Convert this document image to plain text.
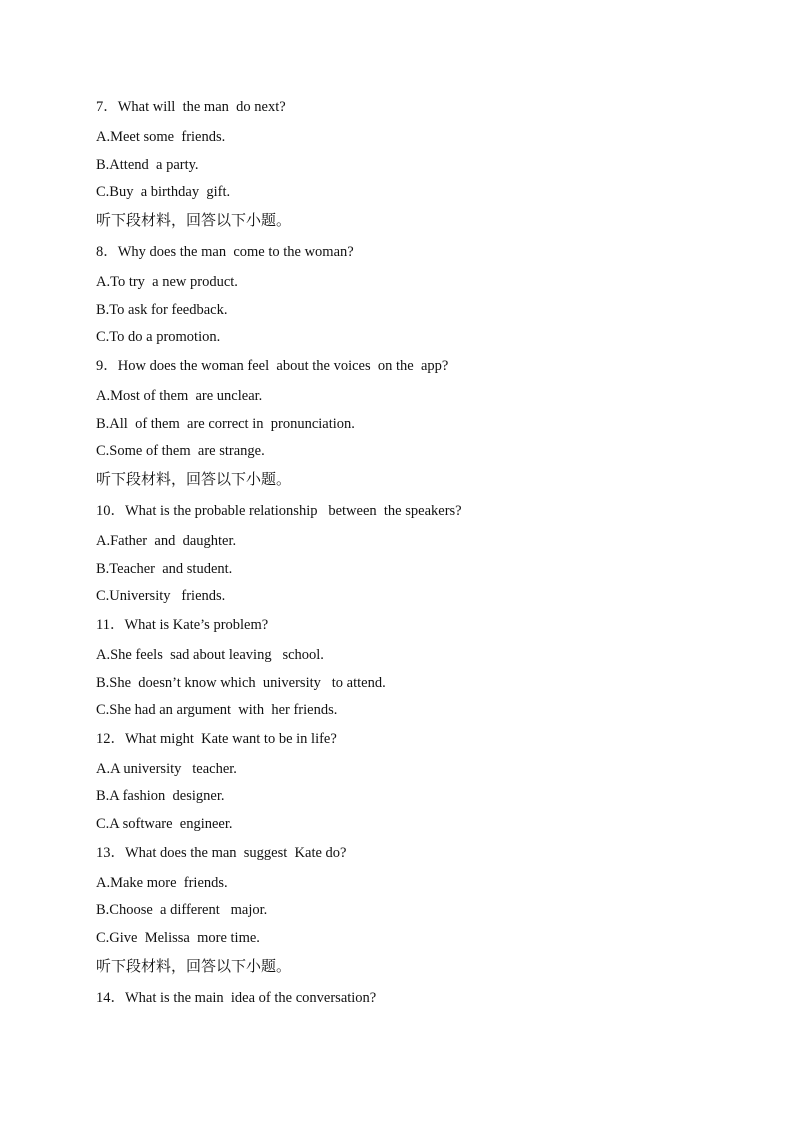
7．What will  the man  do next?
A.Meet some  friends.
B.Attend  a party.
C.Buy  a birthday  gift.
听下段材料，回答以下小题。
8．Why does the man  come to the woman?
A.To try  a new product.
B.To ask for feedback.
C.To do a promotion.
9．How does the woman feel  about the voices  on the  app?
A.Most of them  are unclear.
B.All  of them  are correct in  pronunciation.
C.Some of them  are strange.
听下段材料，回答以下小题。
10．What is the probable relationship   between  the speakers?
A.Father  and  daughter.
B.Teacher  and student.
C.University   friends.
11．What is Kate’s problem?
A.She feels  sad about leaving   school.
B.She  doesn’t know which  university   to attend.
C.She had an argument  with  her friends.
12．What might  Kate want to be in life?
A.A university   teacher.
B.A fashion  designer.
C.A software  engineer.
13．What does the man  suggest  Kate do?
A.Make more  friends.
B.Choose  a different   major.
C.Give  Melissa  more time.
听下段材料，回答以下小题。
14．What is the main  idea of the conversation?
